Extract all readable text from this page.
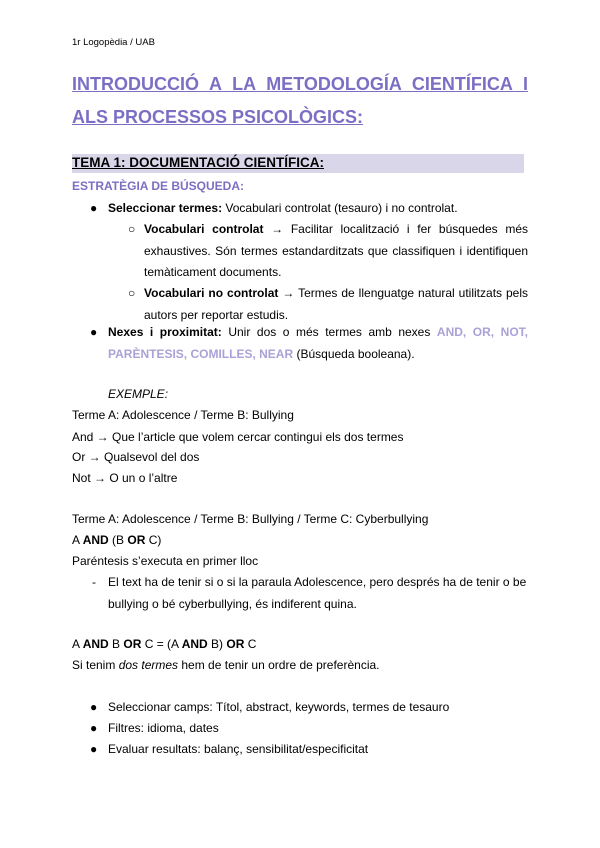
1r Logopèdia / UAB
INTRODUCCIÓ A LA METODOLOGÍA CIENTÍFICA I ALS PROCESSOS PSICOLÒGICS:
TEMA 1: DOCUMENTACIÓ CIENTÍFICA:
ESTRATÈGIA DE BÚSQUEDA:
● Seleccionar termes: Vocabulari controlat (tesauro) i no controlat.
○ Vocabulari controlat → Facilitar localització i fer búsquedes més exhaustives. Són termes estandarditzats que classifiquen i identifiquen temàticament documents.
○ Vocabulari no controlat → Termes de llenguatge natural utilitzats pels autors per reportar estudis.
● Nexes i proximitat: Unir dos o més termes amb nexes AND, OR, NOT, PARÈNTESIS, COMILLES, NEAR (Búsqueda booleana).
EXEMPLE:
Terme A: Adolescence / Terme B: Bullying
And → Que l’article que volem cercar contingui els dos termes
Or → Qualsevol del dos
Not → O un o l’altre
Terme A: Adolescence / Terme B: Bullying / Terme C: Cyberbullying
A AND (B OR C)
Paréntesis s’executa en primer lloc
- El text ha de tenir si o si la paraula Adolescence, pero després ha de tenir o be bullying o bé cyberbullying, és indiferent quina.
A AND B OR C = (A AND B) OR C
Si tenim dos termes hem de tenir un ordre de preferència.
● Seleccionar camps: Títol, abstract, keywords, termes de tesauro
● Filtres: idioma, dates
● Evaluar resultats: balanç, sensibilitat/especificitat
